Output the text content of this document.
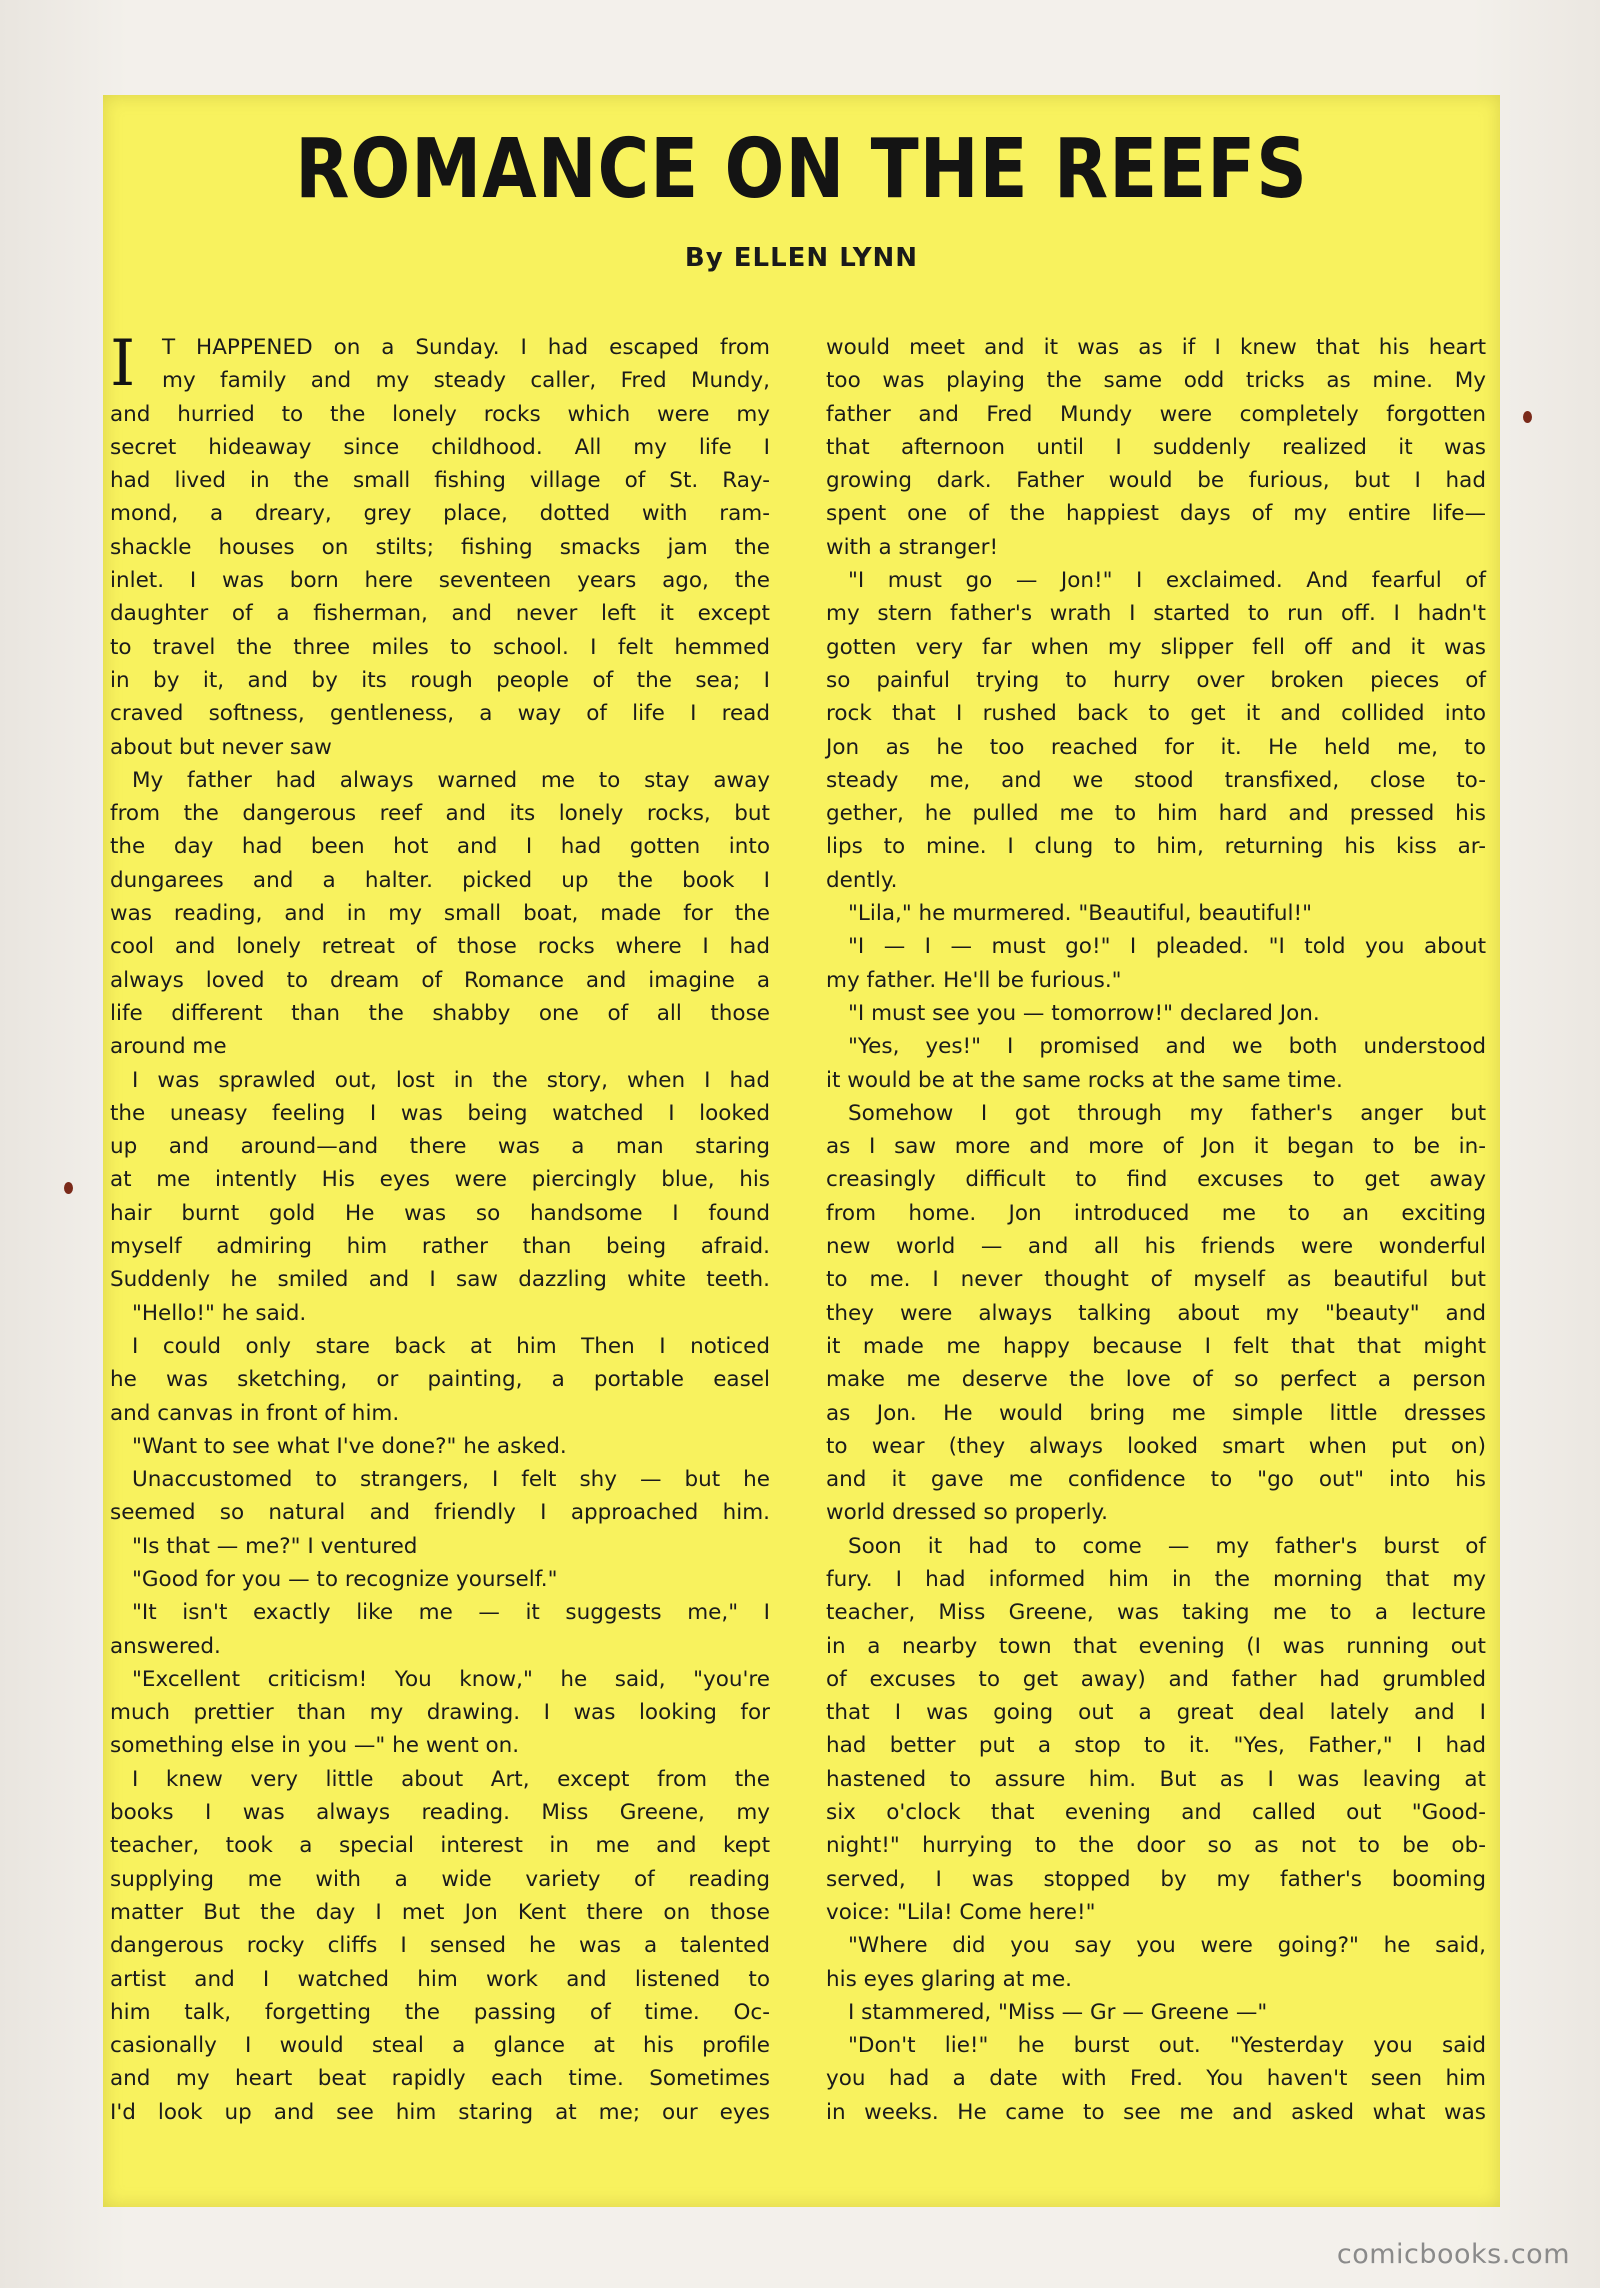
ROMANCE ON THE REEFS
By ELLEN LYNN
I	T HAPPENED on a Sunday. I had escaped from
my family and my steady caller, Fred Mundy,
and hurried to the lonely rocks which were my
secret hideaway since childhood. All my life I
had lived in the small fishing village of St. Ray-
mond, a dreary, grey place, dotted with ram-
shackle houses on stilts; fishing smacks jam the
inlet. I was born here seventeen years ago, the
daughter of a fisherman, and never left it except
to travel the three miles to school. I felt hemmed
in by it, and by its rough people of the sea; I
craved softness, gentleness, a way of life I read
about but never saw
My father had always warned me to stay away
from the dangerous reef and its lonely rocks, but
the day had been hot and I had gotten into
dungarees and a halter. picked up the book I
was reading, and in my small boat, made for the
cool and lonely retreat of those rocks where I had
always loved to dream of Romance and imagine a
life different than the shabby one of all those
around me
I was sprawled out, lost in the story, when I had
the uneasy feeling I was being watched I looked
up and around—and there was a man staring
at me intently His eyes were piercingly blue, his
hair burnt gold He was so handsome I found
myself admiring him rather than being afraid.
Suddenly he smiled and I saw dazzling white teeth.
"Hello!" he said.
I could only stare back at him Then I noticed
he was sketching, or painting, a portable easel
and canvas in front of him.
"Want to see what I've done?" he asked.
Unaccustomed to strangers, I felt shy — but he
seemed so natural and friendly I approached him.
"Is that — me?" I ventured
"Good for you — to recognize yourself."
"It isn't exactly like me — it suggests me," I
answered.
"Excellent criticism! You know," he said, "you're
much prettier than my drawing. I was looking for
something else in you —" he went on.
I knew very little about Art, except from the
books I was always reading. Miss Greene, my
teacher, took a special interest in me and kept
supplying me with a wide variety of reading
matter But the day I met Jon Kent there on those
dangerous rocky cliffs I sensed he was a talented
artist and I watched him work and listened to
him talk, forgetting the passing of time. Oc-
casionally I would steal a glance at his profile
and my heart beat rapidly each time. Sometimes
I'd look up and see him staring at me; our eyes
would meet and it was as if I knew that his heart
too was playing the same odd tricks as mine. My
father and Fred Mundy were completely forgotten
that afternoon until I suddenly realized it was
growing dark. Father would be furious, but I had
spent one of the happiest days of my entire life—
with a stranger!
"I must go — Jon!" I exclaimed. And fearful of
my stern father's wrath I started to run off. I hadn't
gotten very far when my slipper fell off and it was
so painful trying to hurry over broken pieces of
rock that I rushed back to get it and collided into
Jon as he too reached for it. He held me, to
steady me, and we stood transfixed, close to-
gether, he pulled me to him hard and pressed his
lips to mine. I clung to him, returning his kiss ar-
dently.
"Lila," he murmered. "Beautiful, beautiful!"
"I — I — must go!" I pleaded. "I told you about
my father. He'll be furious."
"I must see you — tomorrow!" declared Jon.
"Yes, yes!" I promised and we both understood
it would be at the same rocks at the same time.
Somehow I got through my father's anger but
as I saw more and more of Jon it began to be in-
creasingly difficult to find excuses to get away
from home. Jon introduced me to an exciting
new world — and all his friends were wonderful
to me. I never thought of myself as beautiful but
they were always talking about my "beauty" and
it made me happy because I felt that that might
make me deserve the love of so perfect a person
as Jon. He would bring me simple little dresses
to wear (they always looked smart when put on)
and it gave me confidence to "go out" into his
world dressed so properly.
Soon it had to come — my father's burst of
fury. I had informed him in the morning that my
teacher, Miss Greene, was taking me to a lecture
in a nearby town that evening (I was running out
of excuses to get away) and father had grumbled
that I was going out a great deal lately and I
had better put a stop to it. "Yes, Father," I had
hastened to assure him. But as I was leaving at
six o'clock that evening and called out "Good-
night!" hurrying to the door so as not to be ob-
served, I was stopped by my father's booming
voice: "Lila! Come here!"
"Where did you say you were going?" he said,
his eyes glaring at me.
I stammered, "Miss — Gr — Greene —"
"Don't lie!" he burst out. "Yesterday you said
you had a date with Fred. You haven't seen him
in weeks. He came to see me and asked what was
comicbooks.com
